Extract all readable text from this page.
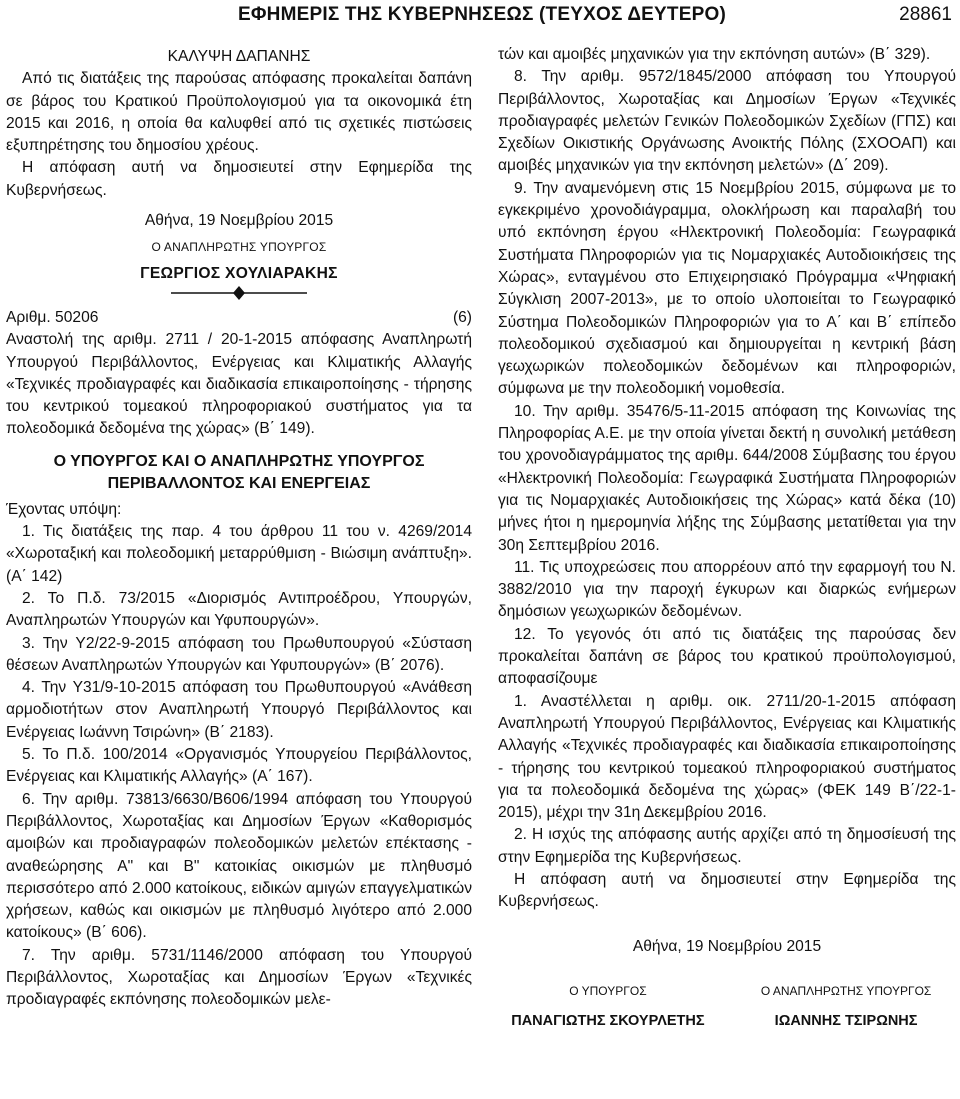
ΕΦΗΜΕΡΙΣ ΤΗΣ ΚΥΒΕΡΝΗΣΕΩΣ (ΤΕΥΧΟΣ ΔΕΥΤΕΡΟ)	28861

ΚΑΛΥΨΗ ΔΑΠΑΝΗΣ

Από τις διατάξεις της παρούσας απόφασης προκαλείται δαπάνη σε βάρος του Κρατικού Προϋπολογισμού για τα οικονομικά έτη 2015 και 2016, η οποία θα καλυφθεί από τις σχετικές πιστώσεις εξυπηρέτησης του δημοσίου χρέους.

Η απόφαση αυτή να δημοσιευτεί στην Εφημερίδα της Κυβερνήσεως.

Αθήνα, 19 Νοεμβρίου 2015

Ο ΑΝΑΠΛΗΡΩΤΗΣ ΥΠΟΥΡΓΟΣ

ΓΕΩΡΓΙΟΣ ΧΟΥΛΙΑΡΑΚΗΣ

Αριθμ. 50206	(6)

Αναστολή της αριθμ. 2711 / 20-1-2015 απόφασης Αναπληρωτή Υπουργού Περιβάλλοντος, Ενέργειας και Κλιματικής Αλλαγής «Τεχνικές προδιαγραφές και διαδικασία επικαιροποίησης - τήρησης του κεντρικού τομεακού πληροφοριακού συστήματος για τα πολεοδομικά δεδομένα της χώρας» (Β΄ 149).

Ο ΥΠΟΥΡΓΟΣ ΚΑΙ Ο ΑΝΑΠΛΗΡΩΤΗΣ ΥΠΟΥΡΓΟΣ
ΠΕΡΙΒΑΛΛΟΝΤΟΣ ΚΑΙ ΕΝΕΡΓΕΙΑΣ

Έχοντας υπόψη:

1. Τις διατάξεις της παρ. 4 του άρθρου 11 του ν. 4269/2014 «Χωροταξική και πολεοδομική μεταρρύθμιση - Βιώσιμη ανάπτυξη». (Α΄ 142)

2. Το Π.δ. 73/2015 «Διορισμός Αντιπροέδρου, Υπουργών, Αναπληρωτών Υπουργών και Υφυπουργών».

3. Την Υ2/22-9-2015 απόφαση του Πρωθυπουργού «Σύσταση θέσεων Αναπληρωτών Υπουργών και Υφυπουργών» (Β΄ 2076).

4. Την Υ31/9-10-2015 απόφαση του Πρωθυπουργού «Ανάθεση αρμοδιοτήτων στον Αναπληρωτή Υπουργό Περιβάλλοντος και Ενέργειας Ιωάννη Τσιρώνη» (Β΄ 2183).

5. Το Π.δ. 100/2014 «Οργανισμός Υπουργείου Περιβάλλοντος, Ενέργειας και Κλιματικής Αλλαγής» (Α΄ 167).

6. Την αριθμ. 73813/6630/Β606/1994 απόφαση του Υπουργού Περιβάλλοντος, Χωροταξίας και Δημοσίων Έργων «Καθορισμός αμοιβών και προδιαγραφών πολεοδομικών μελετών επέκτασης - αναθεώρησης Α" και Β" κατοικίας οικισμών με πληθυσμό περισσότερο από 2.000 κατοίκους, ειδικών αμιγών επαγγελματικών χρήσεων, καθώς και οικισμών με πληθυσμό λιγότερο από 2.000 κατοίκους» (Β΄ 606).

7. Την αριθμ. 5731/1146/2000 απόφαση του Υπουργού Περιβάλλοντος, Χωροταξίας και Δημοσίων Έργων «Τεχνικές προδιαγραφές εκπόνησης πολεοδομικών μελε-

τών και αμοιβές μηχανικών για την εκπόνηση αυτών» (Β΄ 329).

8. Την αριθμ. 9572/1845/2000 απόφαση του Υπουργού Περιβάλλοντος, Χωροταξίας και Δημοσίων Έργων «Τεχνικές προδιαγραφές μελετών Γενικών Πολεοδομικών Σχεδίων (ΓΠΣ) και Σχεδίων Οικιστικής Οργάνωσης Ανοικτής Πόλης (ΣΧΟΟΑΠ) και αμοιβές μηχανικών για την εκπόνηση μελετών» (Δ΄ 209).

9. Την αναμενόμενη στις 15 Νοεμβρίου 2015, σύμφωνα με το εγκεκριμένο χρονοδιάγραμμα, ολοκλήρωση και παραλαβή του υπό εκπόνηση έργου «Ηλεκτρονική Πολεοδομία: Γεωγραφικά Συστήματα Πληροφοριών για τις Νομαρχιακές Αυτοδιοικήσεις της Χώρας», ενταγμένου στο Επιχειρησιακό Πρόγραμμα «Ψηφιακή Σύγκλιση 2007-2013», με το οποίο υλοποιείται το Γεωγραφικό Σύστημα Πολεοδομικών Πληροφοριών για το Α΄ και Β΄ επίπεδο πολεοδομικού σχεδιασμού και δημιουργείται η κεντρική βάση γεωχωρικών πολεοδομικών δεδομένων και πληροφοριών, σύμφωνα με την πολεοδομική νομοθεσία.

10. Την αριθμ. 35476/5-11-2015 απόφαση της Κοινωνίας της Πληροφορίας Α.Ε. με την οποία γίνεται δεκτή η συνολική μετάθεση του χρονοδιαγράμματος της αριθμ. 644/2008 Σύμβασης του έργου «Ηλεκτρονική Πολεοδομία: Γεωγραφικά Συστήματα Πληροφοριών για τις Νομαρχιακές Αυτοδιοικήσεις της Χώρας» κατά δέκα (10) μήνες ήτοι η ημερομηνία λήξης της Σύμβασης μετατίθεται για την 30η Σεπτεμβρίου 2016.

11. Τις υποχρεώσεις που απορρέουν από την εφαρμογή του Ν. 3882/2010 για την παροχή έγκυρων και διαρκώς ενήμερων δημόσιων γεωχωρικών δεδομένων.

12. Το γεγονός ότι από τις διατάξεις της παρούσας δεν προκαλείται δαπάνη σε βάρος του κρατικού προϋπολογισμού, αποφασίζουμε

1. Αναστέλλεται η αριθμ. οικ. 2711/20-1-2015 απόφαση Αναπληρωτή Υπουργού Περιβάλλοντος, Ενέργειας και Κλιματικής Αλλαγής «Τεχνικές προδιαγραφές και διαδικασία επικαιροποίησης - τήρησης του κεντρικού τομεακού πληροφοριακού συστήματος για τα πολεοδομικά δεδομένα της χώρας» (ΦΕΚ 149 Β΄/22-1-2015), μέχρι την 31η Δεκεμβρίου 2016.

2. Η ισχύς της απόφασης αυτής αρχίζει από τη δημοσίευσή της στην Εφημερίδα της Κυβερνήσεως.

Η απόφαση αυτή να δημοσιευτεί στην Εφημερίδα της Κυβερνήσεως.

Αθήνα, 19 Νοεμβρίου 2015

Ο ΥΠΟΥΡΓΟΣ
ΠΑΝΑΓΙΩΤΗΣ ΣΚΟΥΡΛΕΤΗΣ
Ο ΑΝΑΠΛΗΡΩΤΗΣ ΥΠΟΥΡΓΟΣ
ΙΩΑΝΝΗΣ ΤΣΙΡΩΝΗΣ
